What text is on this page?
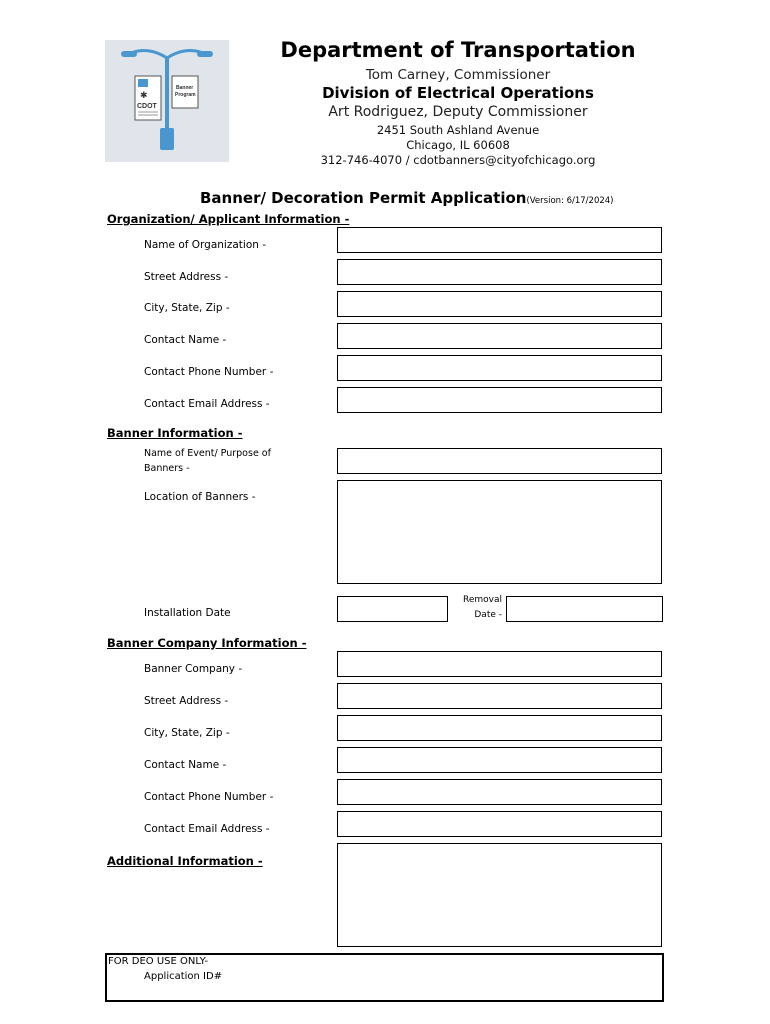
✱
CDOT
Banner
Program
Department of Transportation
Tom Carney, Commissioner
Division of Electrical Operations
Art Rodriguez, Deputy Commissioner
2451 South Ashland Avenue
Chicago, IL 60608
312-746-4070 / cdotbanners@cityofchicago.org
Banner/ Decoration Permit Application(Version: 6/17/2024)
Organization/ Applicant Information -
Name of Organization -
Street Address -
City, State, Zip -
Contact Name -
Contact Phone Number -
Contact Email Address -
Banner Information -
Name of Event/ Purpose of
Banners -
Location of Banners -
Installation Date
Removal
Date -
Banner Company Information -
Banner Company -
Street Address -
City, State, Zip -
Contact Name -
Contact Phone Number -
Contact Email Address -
Additional Information -
FOR DEO USE ONLY-
Application ID#
